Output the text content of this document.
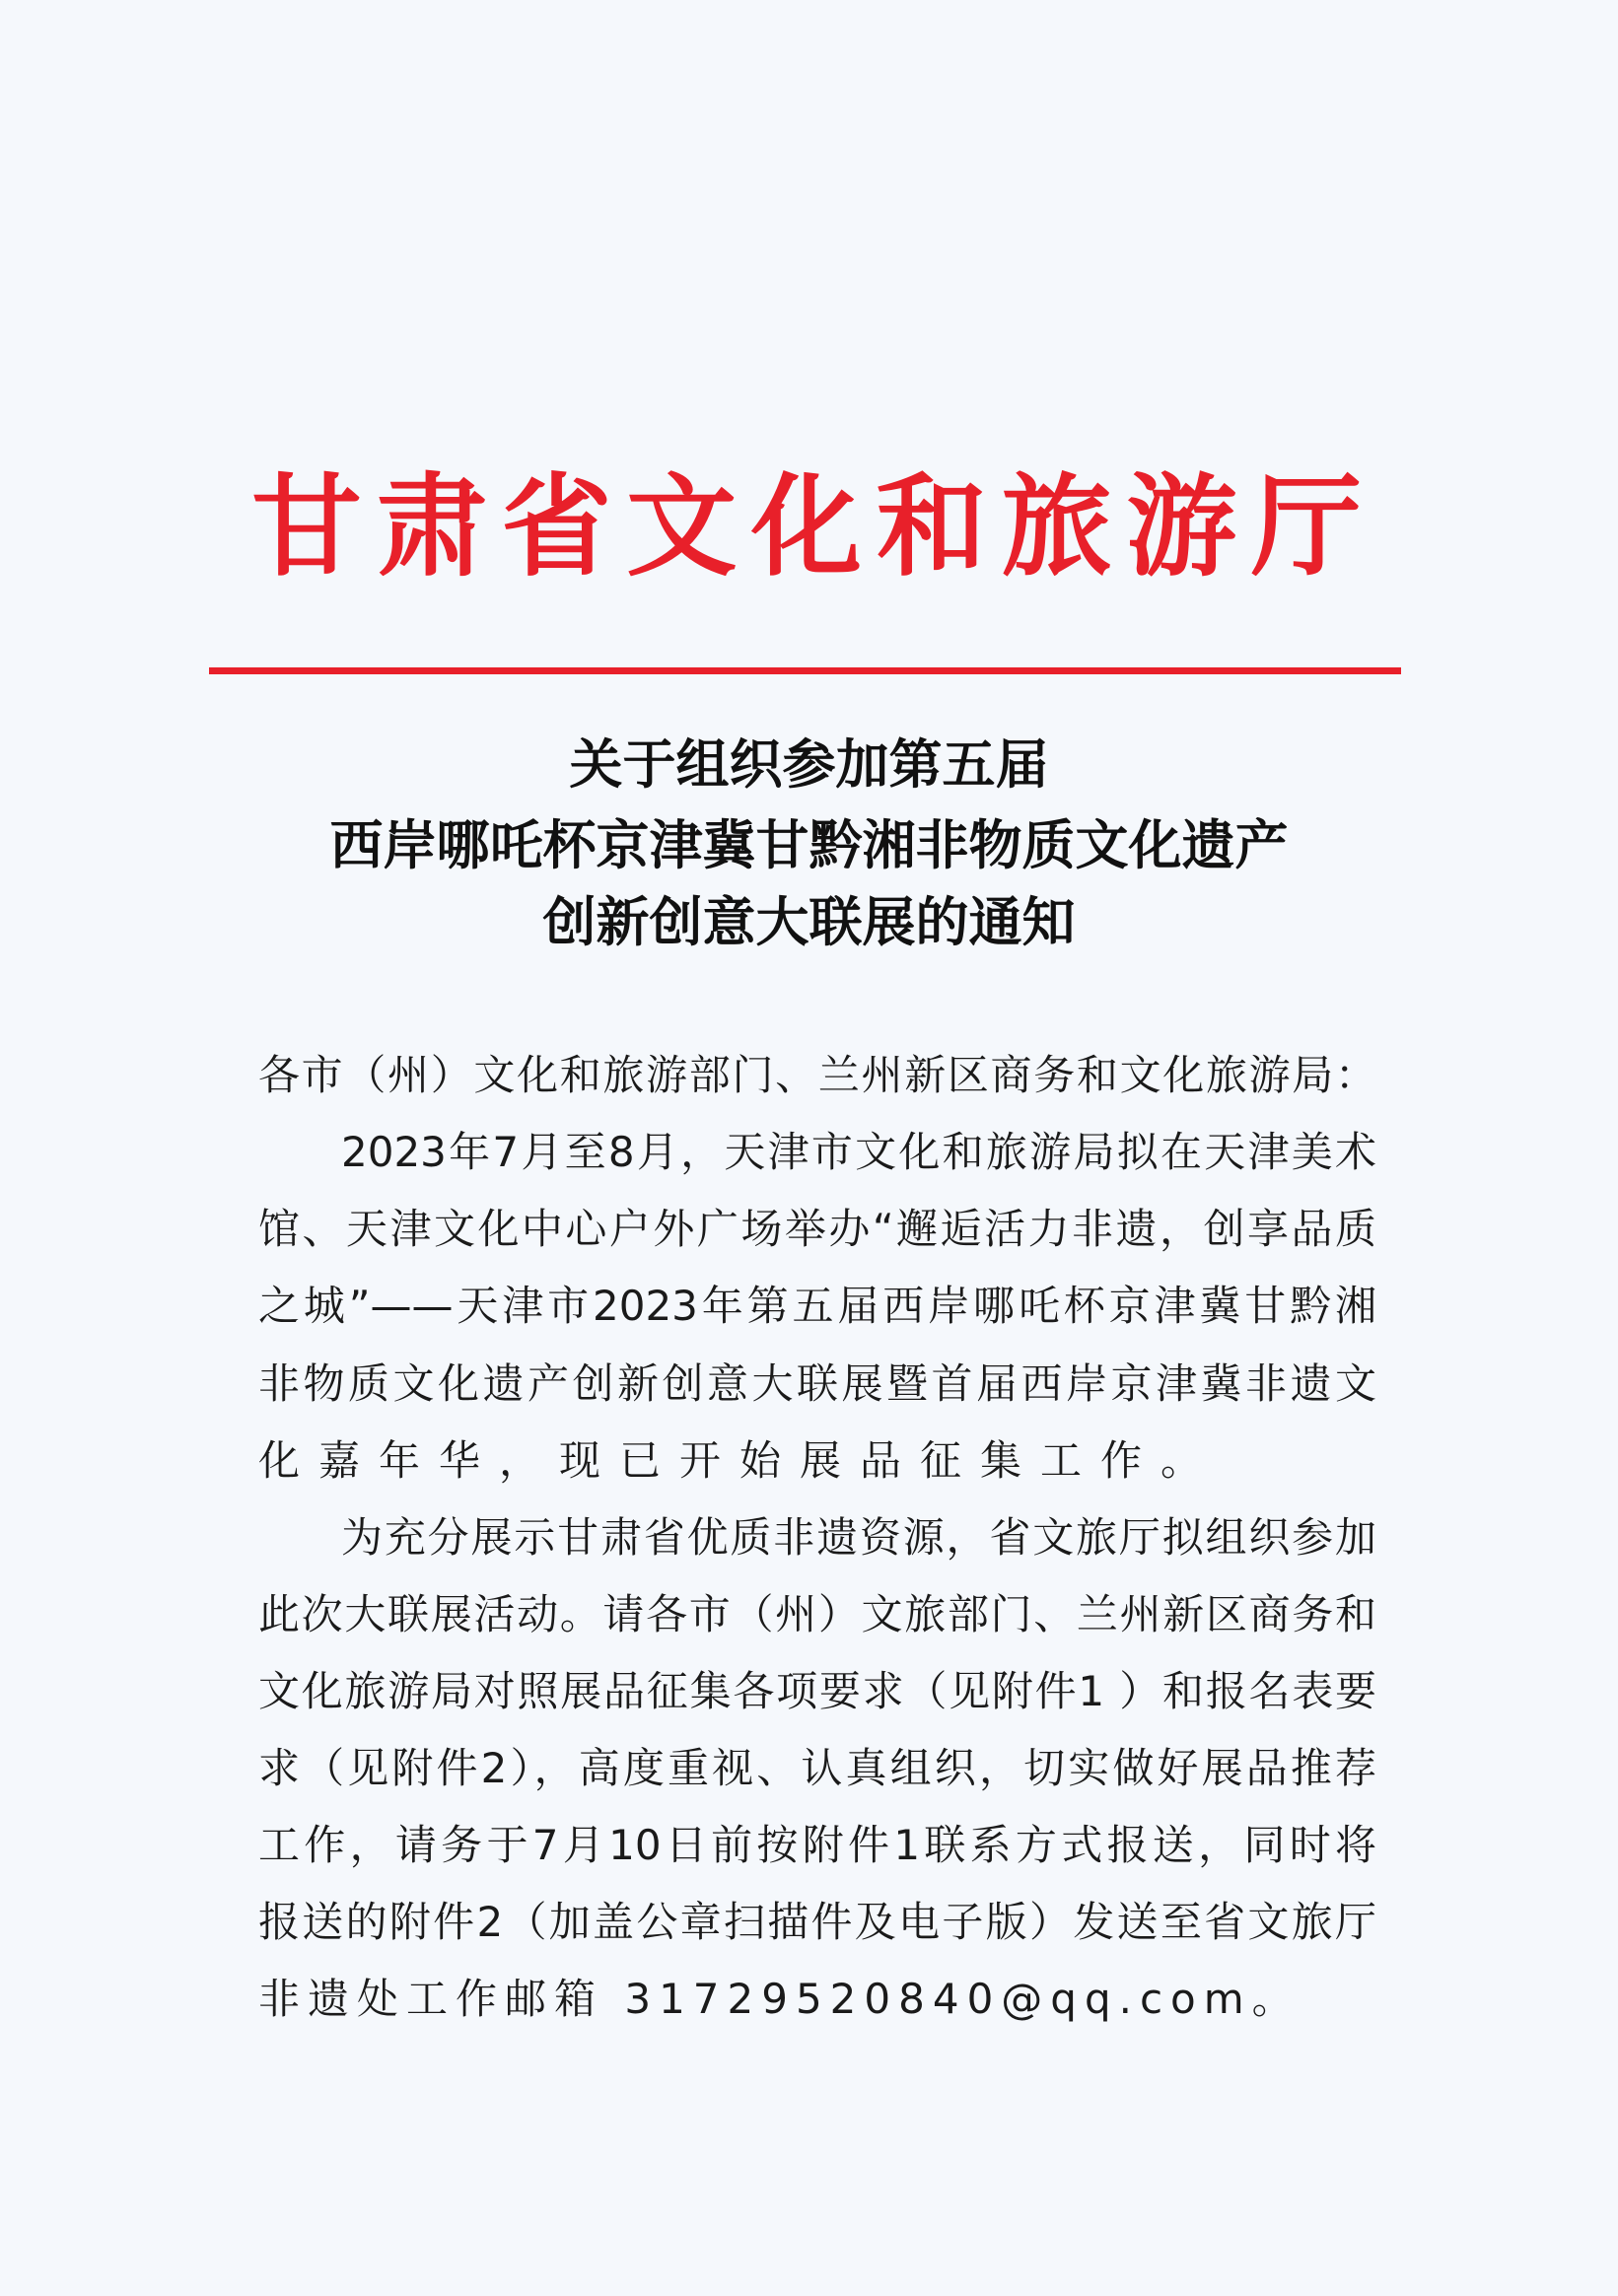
甘肃省文化和旅游厅
关于组织参加第五届
西岸哪吒杯京津冀甘黔湘非物质文化遗产
创新创意大联展的通知
各市（州）文化和旅游部门、兰州新区商务和文化旅游局：
2023年7月至8月，天津市文化和旅游局拟在天津美术
馆、天津文化中心户外广场举办“邂逅活力非遗，创享品质
之城”——天津市2023年第五届西岸哪吒杯京津冀甘黔湘
非物质文化遗产创新创意大联展暨首届西岸京津冀非遗文
化嘉年华，现已开始展品征集工作。
为充分展示甘肃省优质非遗资源，省文旅厅拟组织参加
此次大联展活动。请各市（州）文旅部门、兰州新区商务和
文化旅游局对照展品征集各项要求（见附件1 ）和报名表要
求（见附件2），高度重视、认真组织，切实做好展品推荐
工作，请务于7月10日前按附件1联系方式报送，同时将
报送的附件2（加盖公章扫描件及电子版）发送至省文旅厅
非遗处工作邮箱 31729520840@qq.com。
